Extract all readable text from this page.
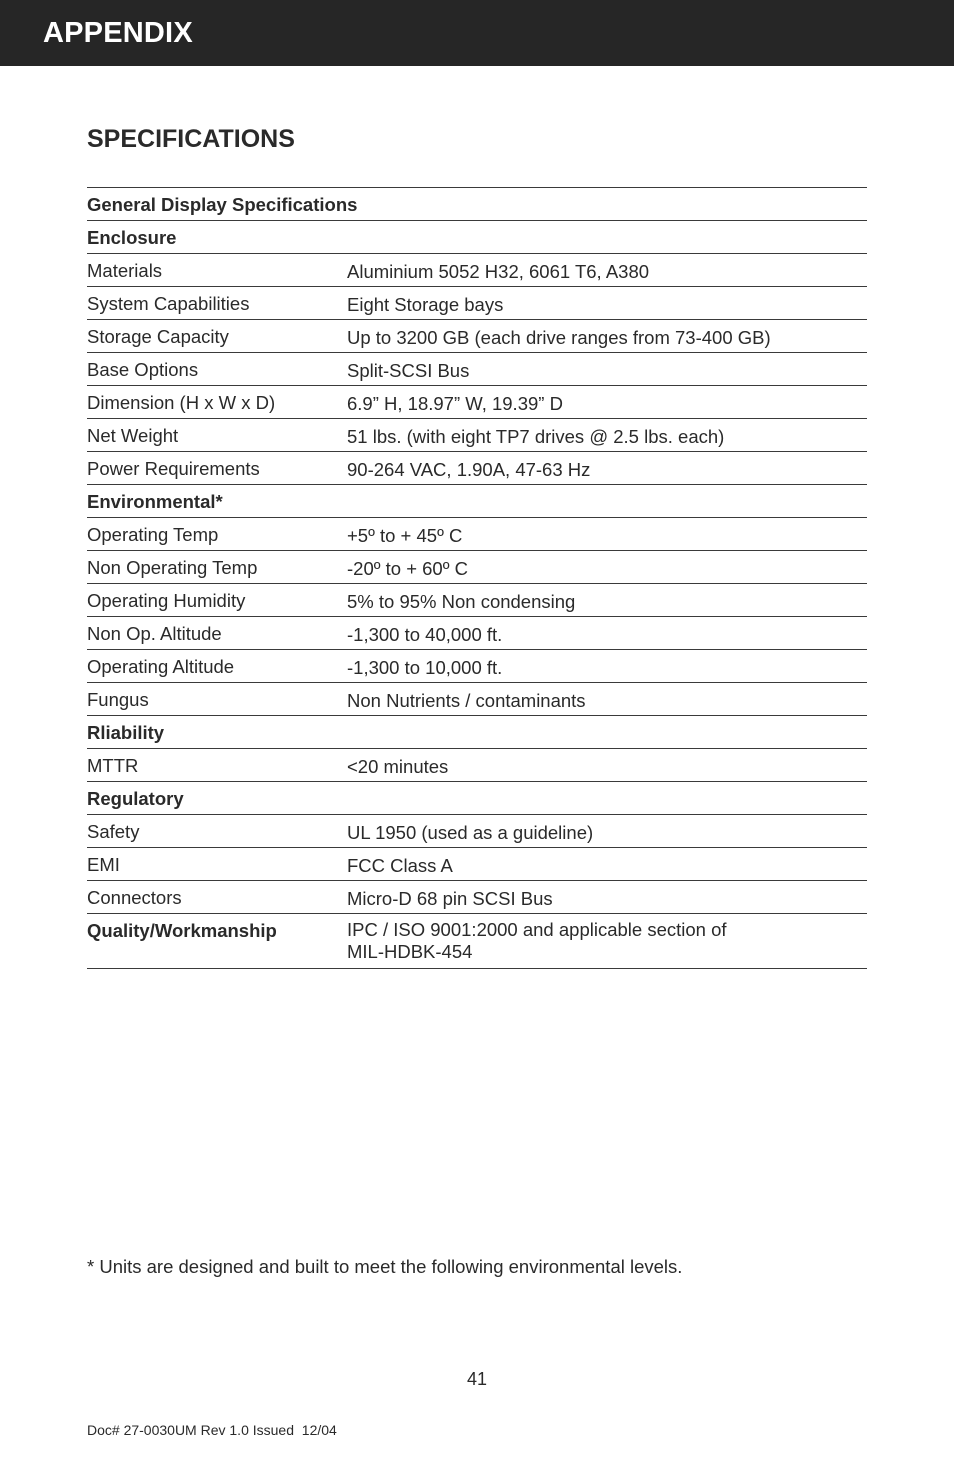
APPENDIX
SPECIFICATIONS
General Display Specifications
Enclosure
Materials	Aluminium 5052 H32, 6061 T6, A380
System Capabilities	Eight Storage bays
Storage Capacity	Up to 3200 GB (each drive ranges from 73-400 GB)
Base Options	Split-SCSI Bus
Dimension (H x W x D)	6.9” H, 18.97” W, 19.39” D
Net Weight	51 lbs. (with eight TP7 drives @ 2.5 lbs. each)
Power Requirements	90-264 VAC, 1.90A, 47-63 Hz
Environmental*
Operating Temp	+5º to + 45º C
Non Operating Temp	-20º to + 60º C
Operating Humidity	5% to 95% Non condensing
Non Op. Altitude	-1,300 to 40,000 ft.
Operating Altitude	-1,300 to 10,000 ft.
Fungus	Non Nutrients / contaminants
Rliability
MTTR	<20 minutes
Regulatory
Safety	UL 1950 (used as a guideline)
EMI	FCC Class A
Connectors	Micro-D 68 pin SCSI Bus
Quality/Workmanship	IPC / ISO 9001:2000 and applicable section of
MIL-HDBK-454
* Units are designed and built to meet the following environmental levels.
41
Doc# 27-0030UM Rev 1.0 Issued  12/04
